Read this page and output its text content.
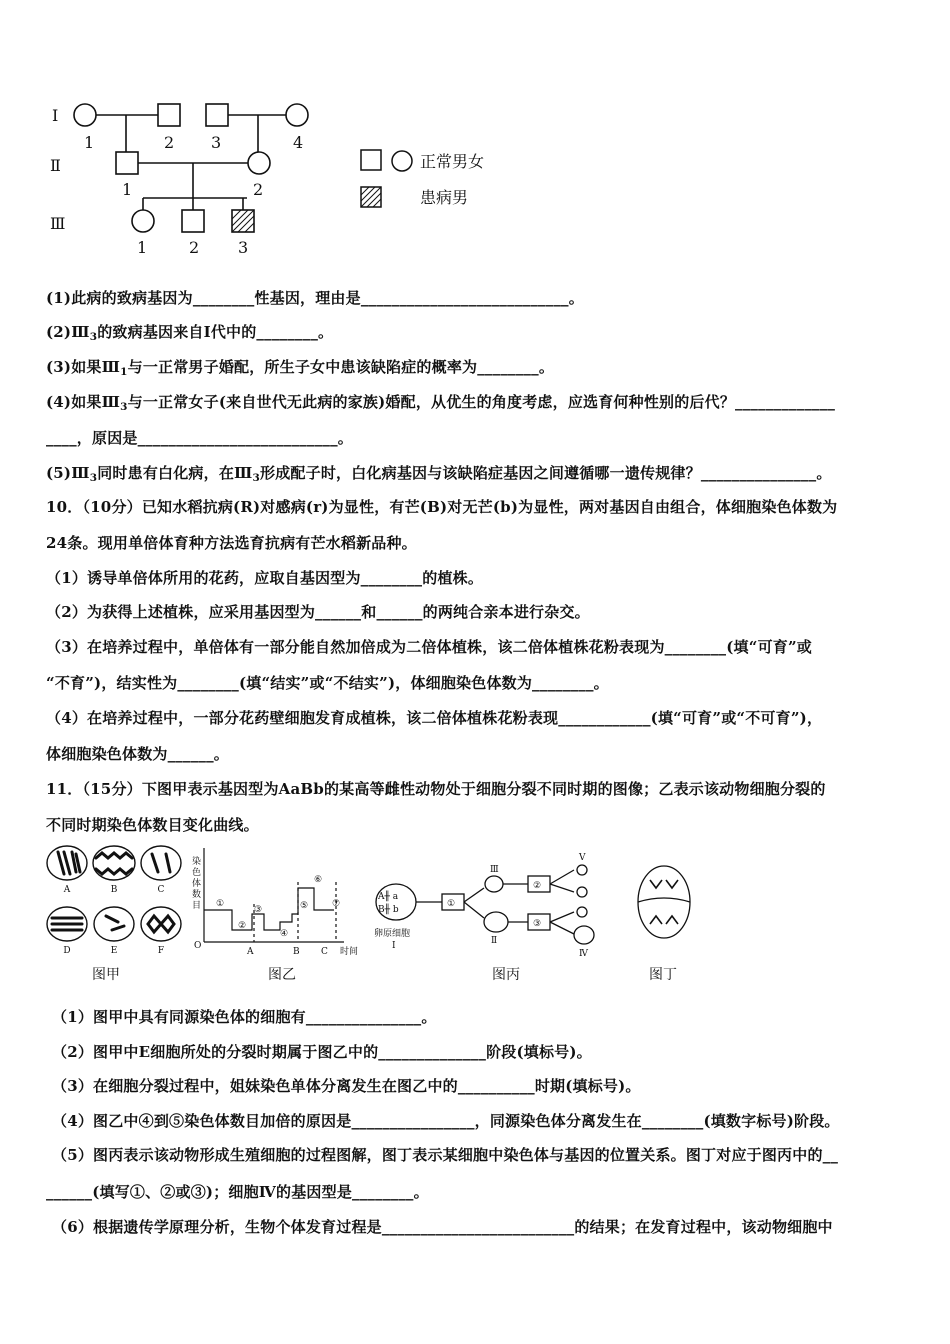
Ⅰ
Ⅱ
Ⅲ
1	2 3	4
1	2
1	2 3
正常男女
患病男
(1)此病的致病基因为________性基因，理由是___________________________。
$(2)Ⅲ_3$的致病基因来自Ⅰ代中的________。
(3)如果$Ⅲ_1$与一正常男子婚配，所生子女中患该缺陷症的概率为________。
(4)如果$Ⅲ_3$与一正常女子(来自世代无此病的家族)婚配，从优生的角度考虑，应选育何种性别的后代？_____________
____，原因是__________________________。
$(5)Ⅲ_3$同时患有白化病，在$Ⅲ_3$形成配子时，白化病基因与该缺陷症基因之间遵循哪一遗传规律？_______________。
10．（10分）已知水稻抗病(R)对感病(r)为显性，有芒(B)对无芒(b)为显性，两对基因自由组合，体细胞染色体数为
24条。现用单倍体育种方法选育抗病有芒水稻新品种。
（1）诱导单倍体所用的花药，应取自基因型为________的植株。
（2）为获得上述植株，应采用基因型为______和______的两纯合亲本进行杂交。
（3）在培养过程中，单倍体有一部分能自然加倍成为二倍体植株，该二倍体植株花粉表现为________(填“可育”或
“不育”)，结实性为________(填“结实”或“不结实”)，体细胞染色体数为________。
（4）在培养过程中，一部分花药壁细胞发育成植株，该二倍体植株花粉表现____________(填“可育”或“不可育”)，
体细胞染色体数为______。
11．（15分）下图甲表示基因型为AaBb的某高等雌性动物处于细胞分裂不同时期的图像；乙表示该动物细胞分裂的
不同时期染色体数目变化曲线。
A	B	C
D	E	F
图甲
染
色
体
数
目
O
时间
A	B C
①
②
③
④
⑤
⑥
⑦
图乙
A╫ a
B╫ b
①
②
③
卵原细胞
Ⅰ	Ⅱ
Ⅲ
Ⅳ
Ⅴ
图丙	图丁
（1）图甲中具有同源染色体的细胞有_______________。
（2）图甲中E细胞所处的分裂时期属于图乙中的______________阶段(填标号)。
（3）在细胞分裂过程中，姐妹染色单体分离发生在图乙中的__________时期(填标号)。
（4）图乙中④到⑤染色体数目加倍的原因是________________，同源染色体分离发生在________(填数字标号)阶段。
（5）图丙表示该动物形成生殖细胞的过程图解，图丁表示某细胞中染色体与基因的位置关系。图丁对应于图丙中的__
______(填写①、②或③)；细胞Ⅳ的基因型是________。
（6）根据遗传学原理分析，生物个体发育过程是_________________________的结果；在发育过程中，该动物细胞中
